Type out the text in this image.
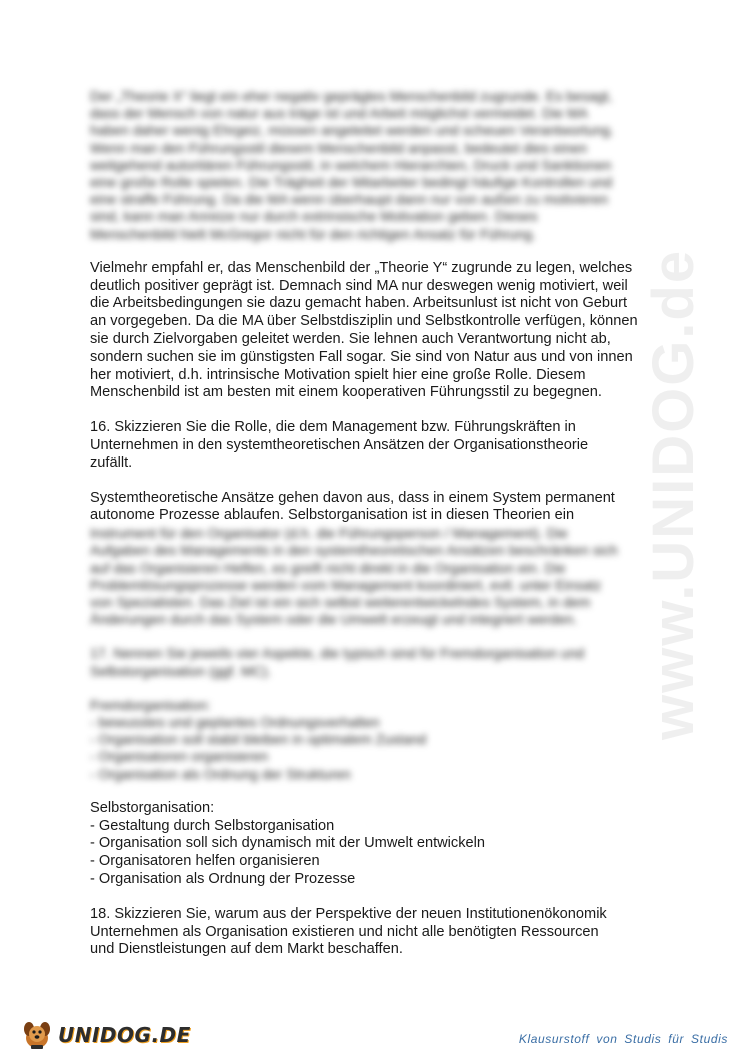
www.UNIDOG.de
Der „Theorie X“ liegt ein eher negativ geprägtes Menschenbild zugrunde. Es besagt,
dass der Mensch von natur aus träge ist und Arbeit möglichst vermeidet. Die MA
haben daher wenig Ehrgeiz, müssen angeleitet werden und scheuen Verantwortung.
Wenn man den Führungsstil diesem Menschenbild anpasst, bedeutet dies einen
weitgehend autoritären Führungsstil, in welchem Hierarchien, Druck und Sanktionen
eine große Rolle spielen. Die Trägheit der Mitarbeiter bedingt häufige Kontrollen und
eine straffe Führung. Da die MA wenn überhaupt dann nur von außen zu motivieren
sind, kann man Anreize nur durch extrinsische Motivation geben. Dieses
Menschenbild hielt McGregor nicht für den richtigen Ansatz für Führung.
Vielmehr empfahl er, das Menschenbild der „Theorie Y“ zugrunde zu legen, welches
deutlich positiver geprägt ist. Demnach sind MA nur deswegen wenig motiviert, weil
die Arbeitsbedingungen sie dazu gemacht haben. Arbeitsunlust ist nicht von Geburt
an vorgegeben. Da die MA über Selbstdisziplin und Selbstkontrolle verfügen, können
sie durch Zielvorgaben geleitet werden. Sie lehnen auch Verantwortung nicht ab,
sondern suchen sie im günstigsten Fall sogar. Sie sind von Natur aus und von innen
her motiviert, d.h. intrinsische Motivation spielt hier eine große Rolle. Diesem
Menschenbild ist am besten mit einem kooperativen Führungsstil zu begegnen.
16. Skizzieren Sie die Rolle, die dem Management bzw. Führungskräften in
Unternehmen in den systemtheoretischen Ansätzen der Organisationstheorie
zufällt.
Systemtheoretische Ansätze gehen davon aus, dass in einem System permanent
autonome Prozesse ablaufen. Selbstorganisation ist in diesen Theorien ein
Instrument für den Organisator (d.h. die Führungsperson / Management). Die
Aufgaben des Managements in den systemtheoretischen Ansätzen beschränken sich
auf das Organisieren Helfen, es greift nicht direkt in die Organisation ein. Die
Problemlösungsprozesse werden vom Management koordiniert, evtl. unter Einsatz
von Spezialisten. Das Ziel ist ein sich selbst weiterentwickelndes System, in dem
Änderungen durch das System oder die Umwelt erzeugt und integriert werden.
17. Nennen Sie jeweils vier Aspekte, die typisch sind für Fremdorganisation und
Selbstorganisation (ggf. MC).
Fremdorganisation:
- bewusstes und geplantes Ordnungsverhalten
- Organisation soll stabil bleiben in optimalem Zustand
- Organisatoren organisieren
- Organisation als Ordnung der Strukturen
Selbstorganisation:
- Gestaltung durch Selbstorganisation
- Organisation soll sich dynamisch mit der Umwelt entwickeln
- Organisatoren helfen organisieren
- Organisation als Ordnung der Prozesse
18. Skizzieren Sie, warum aus der Perspektive der neuen Institutionenökonomik
Unternehmen als Organisation existieren und nicht alle benötigten Ressourcen
und Dienstleistungen auf dem Markt beschaffen.
UNIDOG.DE	Klausurstoff von Studis für Studis
